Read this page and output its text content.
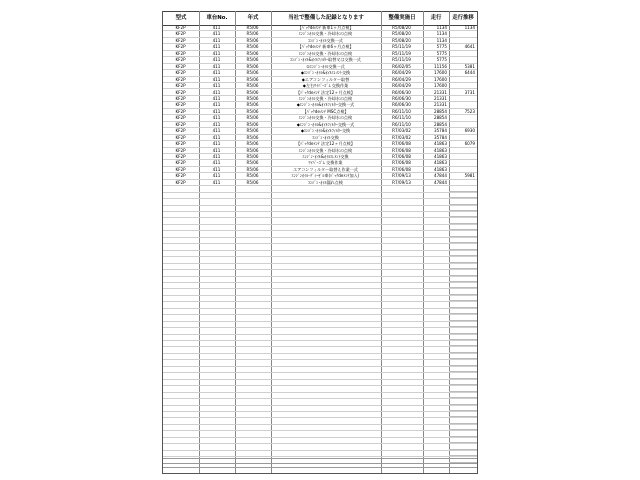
型式	車台No.	年式	当社で整備した記録となります	整備実施日	走行	走行推移
KF2P	411	R5/06	【ﾊﾟｯｸdeﾒﾝﾃ 新車1ヶ月点検】	R5/08/20	1134	1134
KF2P	411	R5/06	ｴﾝｼﾞﾝｵｲﾙ交換・冷却水の点検	R5/08/20	1134
KF2P	411	R5/06	ｴﾝｼﾞﾝ･ｵｲﾙ交換一式	R5/08/20	1134
KF2P	411	R5/06	【ﾊﾟｯｸdeﾒﾝﾃ 新車6ヶ月点検】	R5/11/19	5775	4641
KF2P	411	R5/06	ｴﾝｼﾞﾝｵｲﾙ交換・冷却水の点検	R5/11/19	5775
KF2P	411	R5/06	ｴﾝｼﾞﾝ･ｵｲﾙ&ｵｲﾙﾌｨﾙﾀｰ取替又は交換一式	R5/11/19	5775
KF2P	411	R5/06	①ｴﾝｼﾞﾝ･ｵｲﾙ交換一式	R6/02/05	11156	5381
KF2P	411	R5/06	◆ｴﾝｼﾞﾝ･ｵｲﾙ&ｵｲﾙｴﾚﾒﾝﾄ交換	R6/04/29	17600	6444
KF2P	411	R5/06	◆エアコンフィルター取替	R6/04/29	17600
KF2P	411	R5/06	◆左右ﾜｲﾊﾟｰｺﾞﾑ 交換作業	R6/04/29	17600
KF2P	411	R5/06	【ﾊﾟｯｸdeﾒﾝﾃ 法定12ヶ月点検】	R6/06/30	21331	3731
KF2P	411	R5/06	ｴﾝｼﾞﾝｵｲﾙ交換・冷却水の点検	R6/06/30	21331
KF2P	411	R5/06	◆ｴﾝｼﾞﾝ･ｵｲﾙ&ｵｲﾙﾌｨﾙﾀｰ交換一式	R6/06/30	21331
KF2P	411	R5/06	【ﾊﾟｯｸdeﾒﾝﾃ MSC点検】	R6/11/10	28854	7523
KF2P	411	R5/06	ｴﾝｼﾞﾝｵｲﾙ交換・冷却水の点検	R6/11/10	28854
KF2P	411	R5/06	◆ｴﾝｼﾞﾝ･ｵｲﾙ&ｵｲﾙﾌｨﾙﾀｰ交換一式	R6/11/10	28854
KF2P	411	R5/06	◆ｴﾝｼﾞﾝ･ｵｲﾙ&ｵｲﾙﾌｨﾙﾀｰ交換	R7/03/02	35784	6930
KF2P	411	R5/06	ｴﾝｼﾞﾝ･ｵｲﾙ交換	R7/03/02	35784
KF2P	411	R5/06	【ﾊﾟｯｸdeﾒﾝﾃ 法定12ヶ月点検】	R7/06/08	41863	6079
KF2P	411	R5/06	ｴﾝｼﾞﾝｵｲﾙ交換・冷却水の点検	R7/06/08	41863
KF2P	411	R5/06	ｴﾝｼﾞﾝ･ｵｲﾙ&ｵｲﾙｴﾚﾒﾝﾄ交換	R7/06/08	41863
KF2P	411	R5/06	ﾜｲﾊﾟｰｺﾞﾑ 交換作業	R7/06/08	41863
KF2P	411	R5/06	エアコンフィルター取替え作業一式	R7/06/08	41863
KF2P	411	R5/06	ｴﾝｼﾞﾝｵｲﾙ･ﾃﾞｨｰｾﾞﾙ車(ﾊﾟｯｸdeﾒﾝﾃ加入)	R7/09/13	47844	5981
KF2P	411	R5/06	ｴﾝｼﾞﾝ･ｵｲﾙ漏れ点検	R7/09/13	47844
